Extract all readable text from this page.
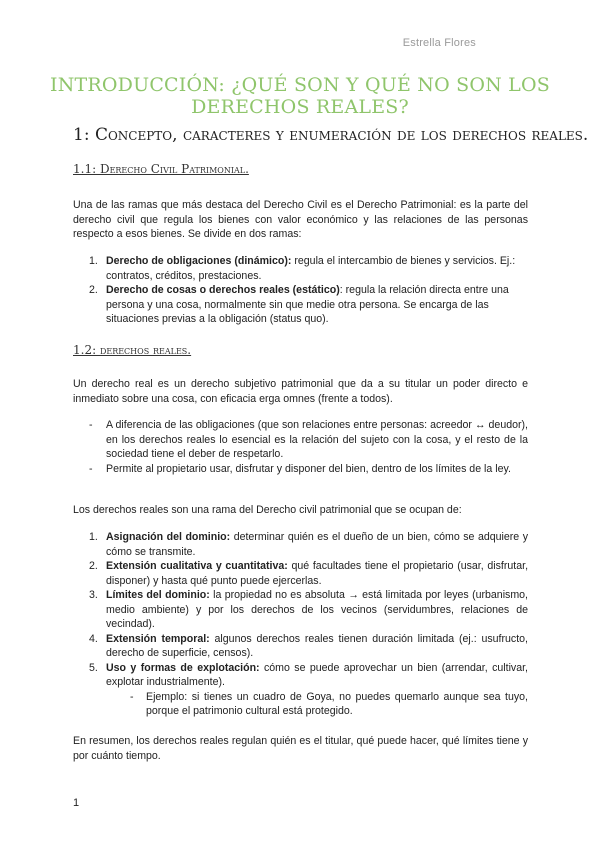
Estrella Flores
INTRODUCCIÓN: ¿QUÉ SON Y QUÉ NO SON LOS DERECHOS REALES?
1: Concepto, caracteres y enumeración de los derechos reales.
1.1: Derecho Civil Patrimonial.
Una de las ramas que más destaca del Derecho Civil es el Derecho Patrimonial: es la parte del derecho civil que regula los bienes con valor económico y las relaciones de las personas respecto a esos bienes. Se divide en dos ramas:
1. Derecho de obligaciones (dinámico): regula el intercambio de bienes y servicios. Ej.: contratos, créditos, prestaciones.
2. Derecho de cosas o derechos reales (estático): regula la relación directa entre una persona y una cosa, normalmente sin que medie otra persona. Se encarga de las situaciones previas a la obligación (status quo).
1.2: derechos reales.
Un derecho real es un derecho subjetivo patrimonial que da a su titular un poder directo e inmediato sobre una cosa, con eficacia erga omnes (frente a todos).
- A diferencia de las obligaciones (que son relaciones entre personas: acreedor ↔ deudor), en los derechos reales lo esencial es la relación del sujeto con la cosa, y el resto de la sociedad tiene el deber de respetarlo.
- Permite al propietario usar, disfrutar y disponer del bien, dentro de los límites de la ley.
Los derechos reales son una rama del Derecho civil patrimonial que se ocupan de:
1. Asignación del dominio: determinar quién es el dueño de un bien, cómo se adquiere y cómo se transmite.
2. Extensión cualitativa y cuantitativa: qué facultades tiene el propietario (usar, disfrutar, disponer) y hasta qué punto puede ejercerlas.
3. Límites del dominio: la propiedad no es absoluta → está limitada por leyes (urbanismo, medio ambiente) y por los derechos de los vecinos (servidumbres, relaciones de vecindad).
4. Extensión temporal: algunos derechos reales tienen duración limitada (ej.: usufructo, derecho de superficie, censos).
5. Uso y formas de explotación: cómo se puede aprovechar un bien (arrendar, cultivar, explotar industrialmente).
- Ejemplo: si tienes un cuadro de Goya, no puedes quemarlo aunque sea tuyo, porque el patrimonio cultural está protegido.
En resumen, los derechos reales regulan quién es el titular, qué puede hacer, qué límites tiene y por cuánto tiempo.
1
